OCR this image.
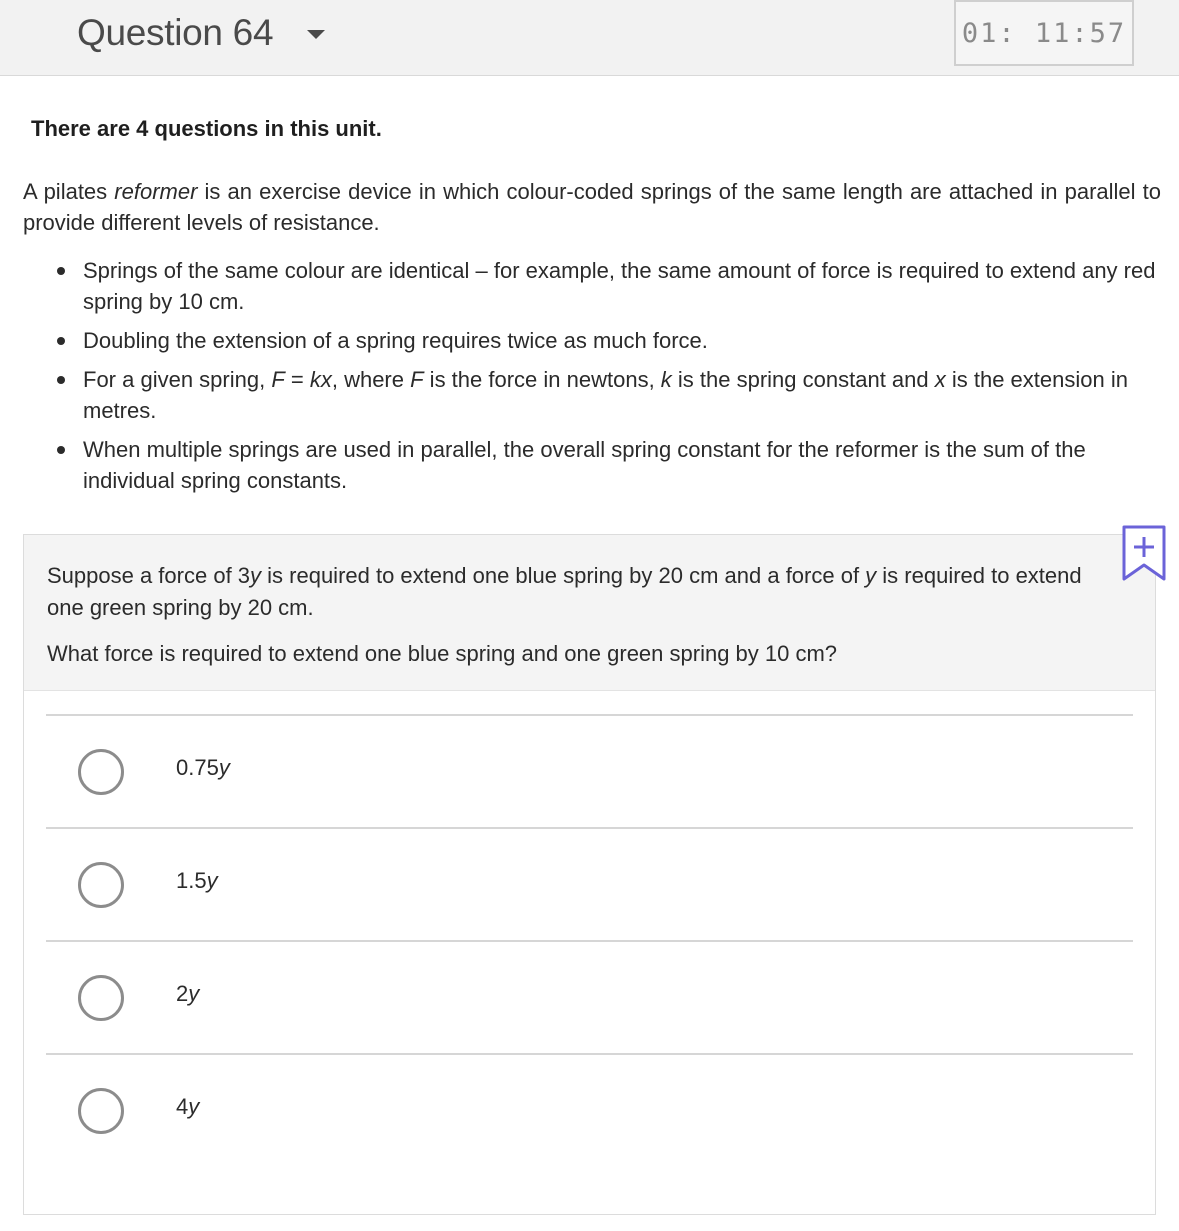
Question 64	01: 11:57
There are 4 questions in this unit.

A pilates reformer is an exercise device in which colour-coded springs of the same length are attached in parallel to provide different levels of resistance.

Springs of the same colour are identical – for example, the same amount of force is required to extend any red spring by 10 cm.
Doubling the extension of a spring requires twice as much force.
For a given spring, F = kx, where F is the force in newtons, k is the spring constant and x is the extension in metres.
When multiple springs are used in parallel, the overall spring constant for the reformer is the sum of the individual spring constants.

Suppose a force of 3y is required to extend one blue spring by 20 cm and a force of y is required to extend one green spring by 20 cm.

What force is required to extend one blue spring and one green spring by 10 cm?

0.75y
1.5y
2y
4y
